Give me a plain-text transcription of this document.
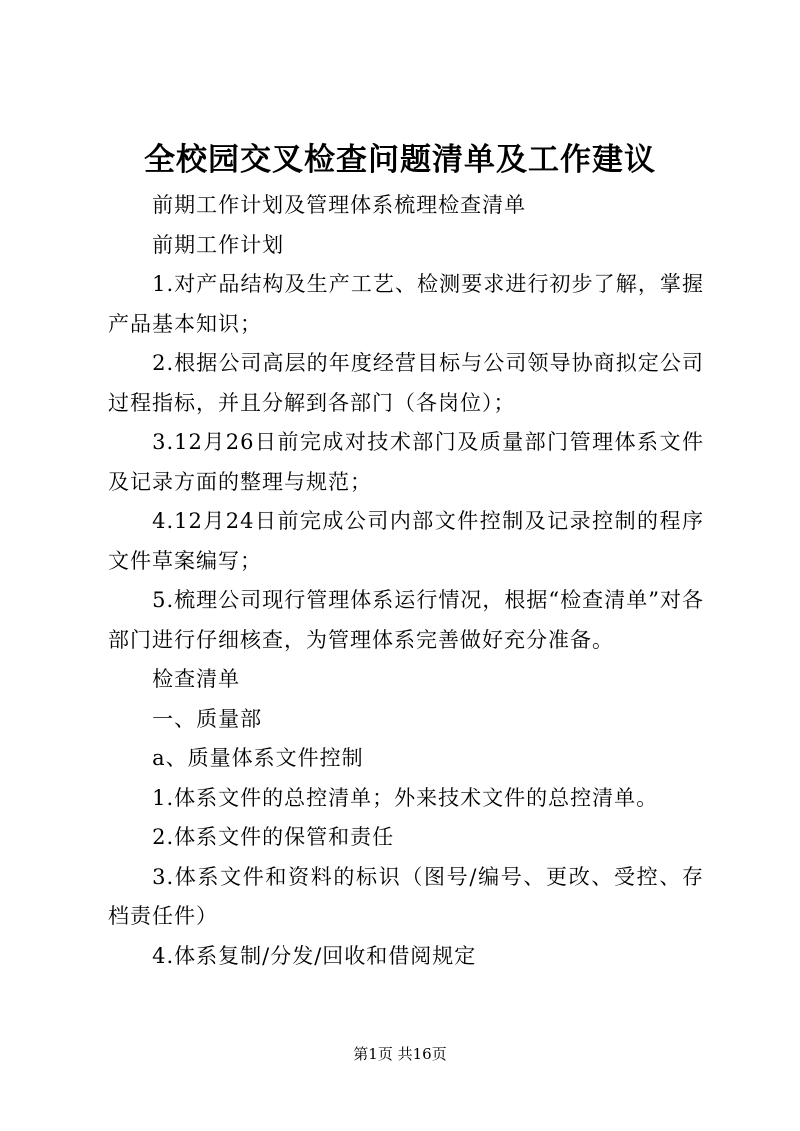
全校园交叉检查问题清单及工作建议

前期工作计划及管理体系梳理检查清单

前期工作计划

1.对产品结构及生产工艺、检测要求进行初步了解，掌握产品基本知识；

2.根据公司高层的年度经营目标与公司领导协商拟定公司过程指标，并且分解到各部门（各岗位）；

3.12月26日前完成对技术部门及质量部门管理体系文件及记录方面的整理与规范；

4.12月24日前完成公司内部文件控制及记录控制的程序文件草案编写；

5.梳理公司现行管理体系运行情况，根据“检查清单”对各部门进行仔细核查，为管理体系完善做好充分准备。

检查清单

一、质量部

a、质量体系文件控制

1.体系文件的总控清单；外来技术文件的总控清单。

2.体系文件的保管和责任

3.体系文件和资料的标识（图号/编号、更改、受控、存档责任件）

4.体系复制/分发/回收和借阅规定

第1页 共16页
